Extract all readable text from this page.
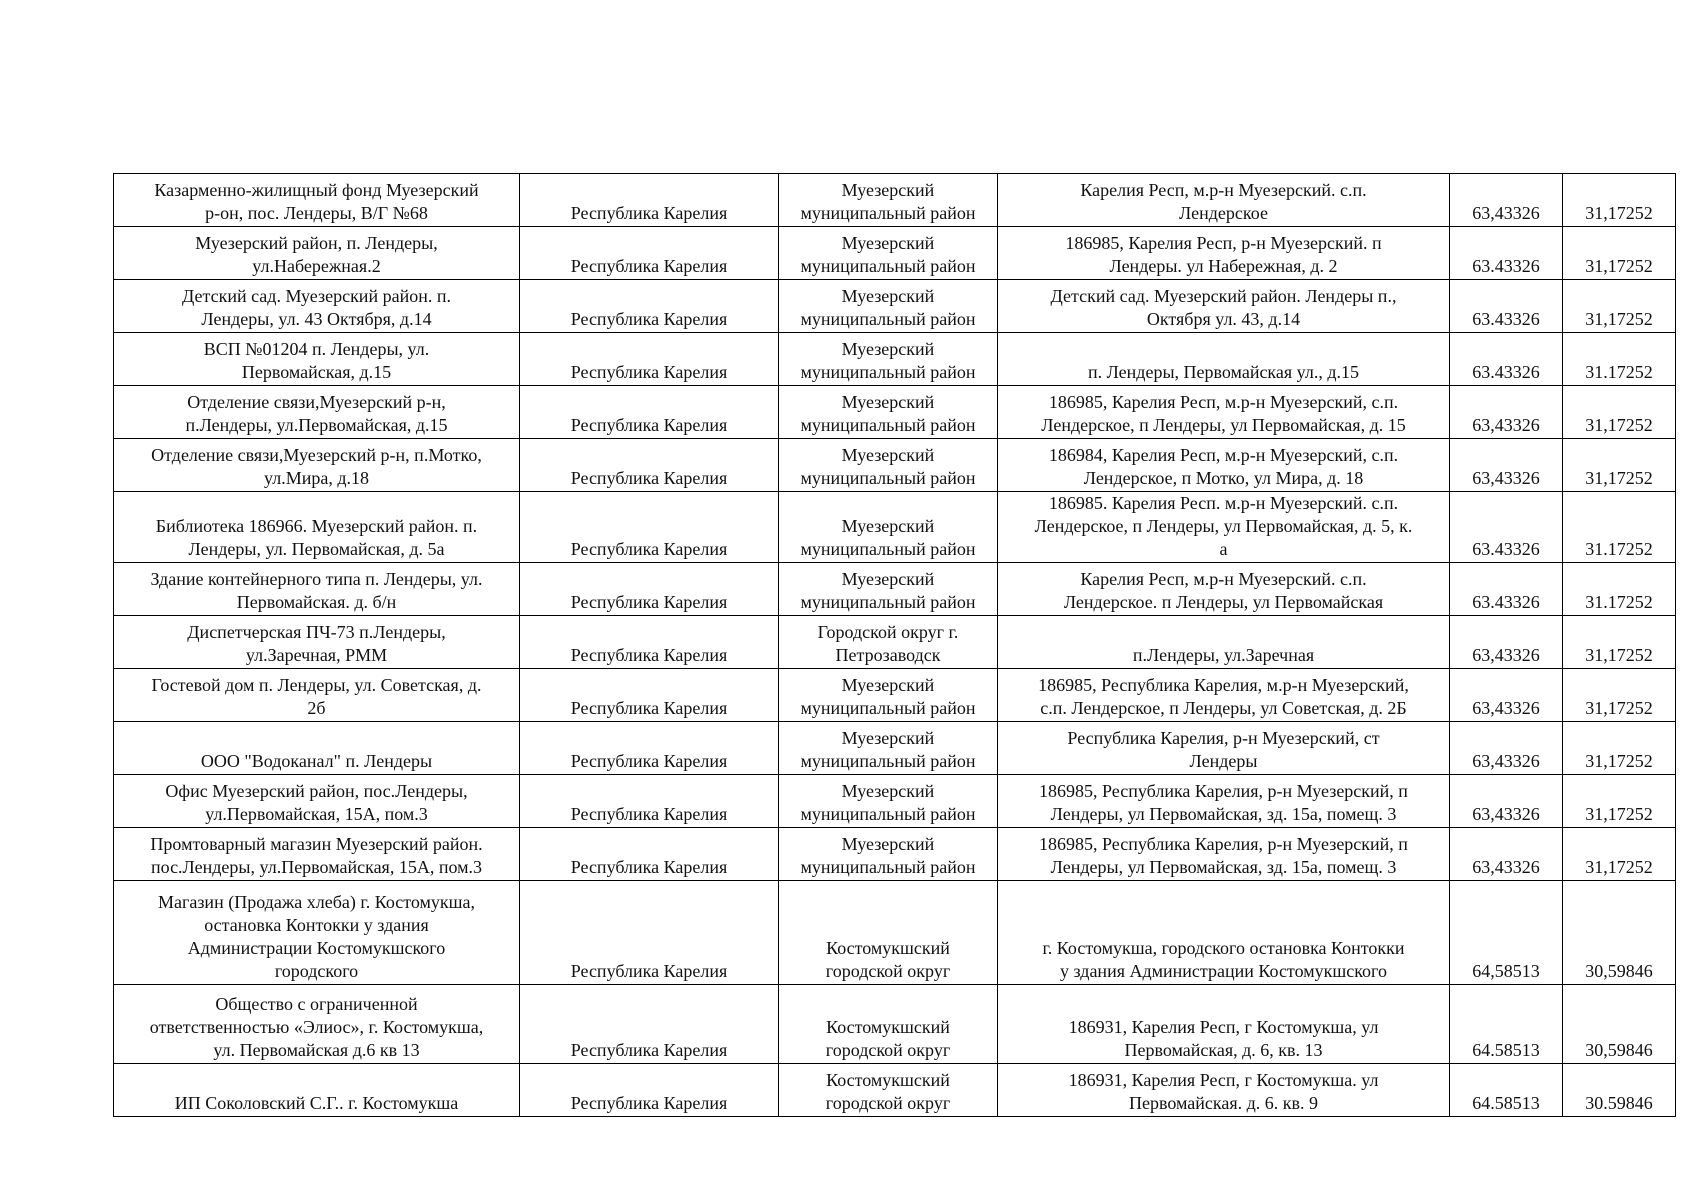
Казарменно-жилищный фонд Муезерский
р-он, пос. Лендеры, В/Г №68	Республика Карелия	Муезерский
муниципальный район	Карелия Респ, м.р-н Муезерский. с.п.
Лендерское	63,43326	31,17252
Муезерский район, п. Лендеры,
ул.Набережная.2	Республика Карелия	Муезерский
муниципальный район	186985, Карелия Респ, р-н Муезерский. п
Лендеры. ул Набережная, д. 2	63.43326	31,17252
Детский сад. Муезерский район. п.
Лендеры, ул. 43 Октября, д.14	Республика Карелия	Муезерский
муниципальный район	Детский сад. Муезерский район. Лендеры п.,
Октября ул. 43, д.14	63.43326	31,17252
ВСП №01204 п. Лендеры, ул.
Первомайская, д.15	Республика Карелия	Муезерский
муниципальный район	п. Лендеры, Первомайская ул., д.15	63.43326	31.17252
Отделение связи,Муезерский р-н,
п.Лендеры, ул.Первомайская, д.15	Республика Карелия	Муезерский
муниципальный район	186985, Карелия Респ, м.р-н Муезерский, с.п.
Лендерское, п Лендеры, ул Первомайская, д. 15	63,43326	31,17252
Отделение связи,Муезерский р-н, п.Мотко,
ул.Мира, д.18	Республика Карелия	Муезерский
муниципальный район	186984, Карелия Респ, м.р-н Муезерский, с.п.
Лендерское, п Мотко, ул Мира, д. 18	63,43326	31,17252
Библиотека 186966. Муезерский район. п.
Лендеры, ул. Первомайская, д. 5а	Республика Карелия	Муезерский
муниципальный район	186985. Карелия Респ. м.р-н Муезерский. с.п.
Лендерское, п Лендеры, ул Первомайская, д. 5, к.
а	63.43326	31.17252
Здание контейнерного типа п. Лендеры, ул.
Первомайская. д. б/н	Республика Карелия	Муезерский
муниципальный район	Карелия Респ, м.р-н Муезерский. с.п.
Лендерское. п Лендеры, ул Первомайская	63.43326	31.17252
Диспетчерская ПЧ-73 п.Лендеры,
ул.Заречная, РММ	Республика Карелия	Городской округ г.
Петрозаводск	п.Лендеры, ул.Заречная	63,43326	31,17252
Гостевой дом п. Лендеры, ул. Советская, д.
2б	Республика Карелия	Муезерский
муниципальный район	186985, Республика Карелия, м.р-н Муезерский,
с.п. Лендерское, п Лендеры, ул Советская, д. 2Б	63,43326	31,17252
ООО "Водоканал" п. Лендеры	Республика Карелия	Муезерский
муниципальный район	Республика Карелия, р-н Муезерский, ст
Лендеры	63,43326	31,17252
Офис Муезерский район, пос.Лендеры,
ул.Первомайская, 15А, пом.3	Республика Карелия	Муезерский
муниципальный район	186985, Республика Карелия, р-н Муезерский, п
Лендеры, ул Первомайская, зд. 15а, помещ. 3	63,43326	31,17252
Промтоварный магазин Муезерский район.
пос.Лендеры, ул.Первомайская, 15А, пом.3	Республика Карелия	Муезерский
муниципальный район	186985, Республика Карелия, р-н Муезерский, п
Лендеры, ул Первомайская, зд. 15а, помещ. 3	63,43326	31,17252
Магазин (Продажа хлеба) г. Костомукша,
остановка Контокки у здания
Администрации Костомукшского
городского	Республика Карелия	Костомукшский
городской округ	г. Костомукша, городского остановка Контокки
у здания Администрации Костомукшского	64,58513	30,59846
Общество с ограниченной
ответственностью «Элиос», г. Костомукша,
ул. Первомайская д.6 кв 13	Республика Карелия	Костомукшский
городской округ	186931, Карелия Респ, г Костомукша, ул
Первомайская, д. 6, кв. 13	64.58513	30,59846
ИП Соколовский С.Г.. г. Костомукша	Республика Карелия	Костомукшский
городской округ	186931, Карелия Респ, г Костомукша. ул
Первомайская. д. 6. кв. 9	64.58513	30.59846
